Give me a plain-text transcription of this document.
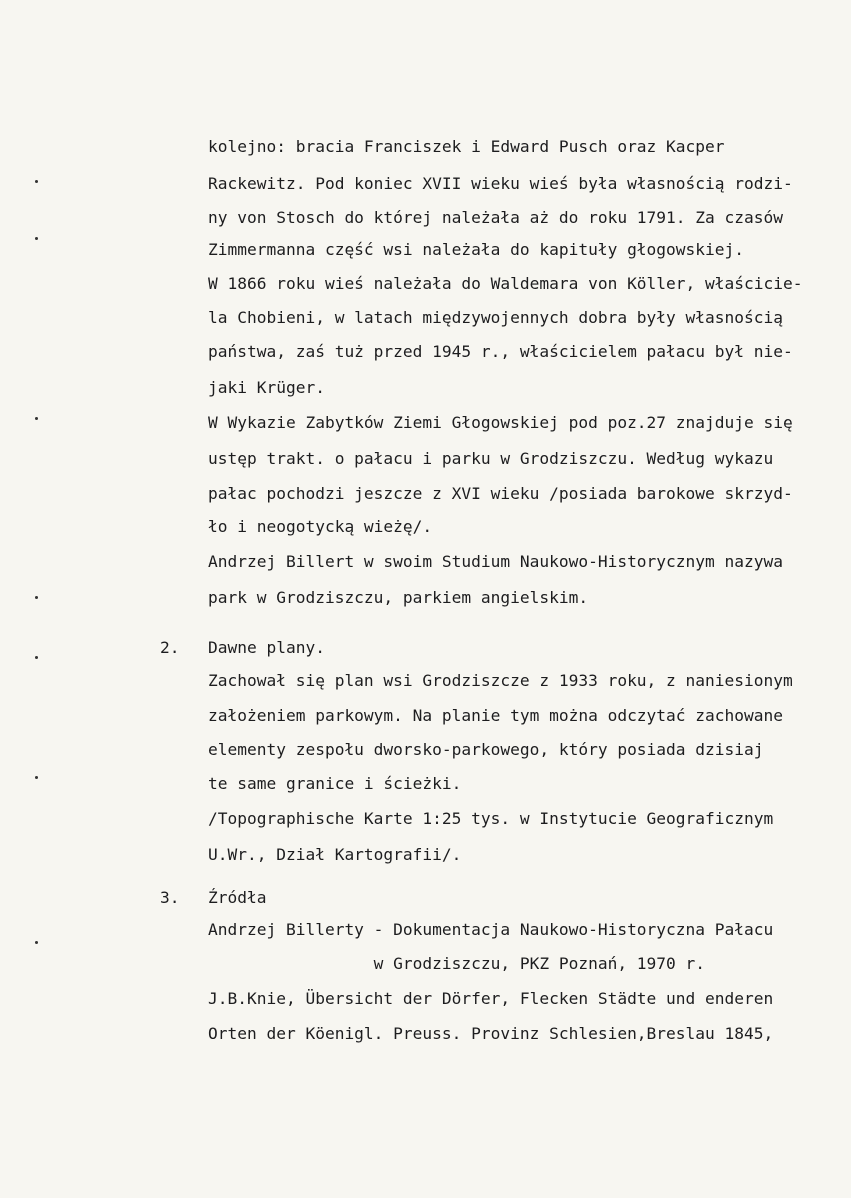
kolejno: bracia Franciszek i Edward Pusch oraz Kacper
Rackewitz. Pod koniec XVII wieku wieś była własnością rodzi-
ny von Stosch do której należała aż do roku 1791. Za czasów
Zimmermanna część wsi należała do kapituły głogowskiej.
W 1866 roku wieś należała do Waldemara von Köller, właściciе-
la Chobieni, w latach międzywojennych dobra były własnością
państwa, zaś tuż przed 1945 r., właścicielem pałacu był nie-
jaki Krüger.
W Wykazie Zabytków Ziemi Głogowskiej pod poz.27 znajduje się
ustęp trakt. o pałacu i parku w Grodziszczu. Według wykazu
pałac pochodzi jeszcze z XVI wieku /posiada barokowe skrzyd-
ło i neogotycką wieżę/.
Andrzej Billert w swoim Studium Naukowo-Historycznym nazywa
park w Grodziszczu, parkiem angielskim.
2. Dawne plany.
Zachował się plan wsi Grodziszcze z 1933 roku, z naniesionym
założeniem parkowym. Na planie tym można odczytać zachowane
elementy zespołu dworsko-parkowego, który posiada dzisiaj
te same granice i ścieżki.
/Topographische Karte 1:25 tys. w Instytucie Geograficznym
U.Wr., Dział Kartografii/.
3. Źródła
Andrzej Billerty - Dokumentacja Naukowo-Historyczna Pałacu
w Grodziszczu, PKZ Poznań, 1970 r.
J.B.Knie, Übersicht der Dörfer, Flecken Städte und enderen
Orten der Köenigl. Preuss. Provinz Schlesien,Breslau 1845,
